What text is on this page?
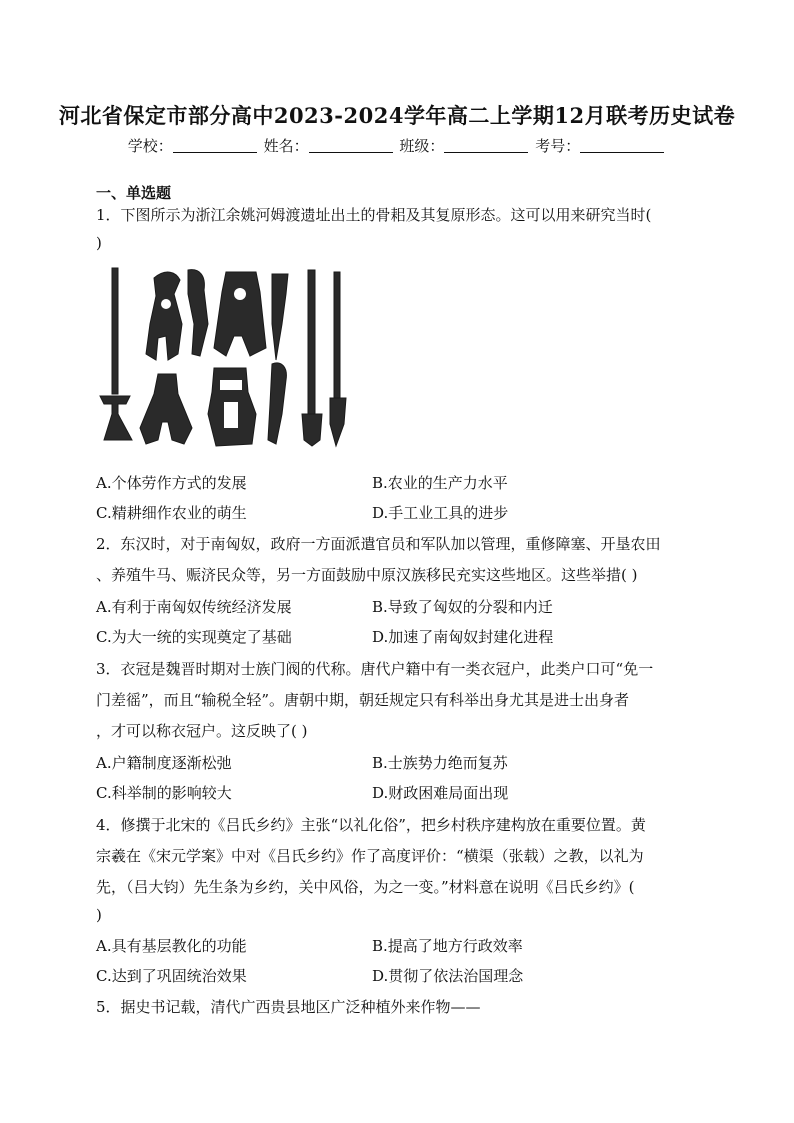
河北省保定市部分高中2023-2024学年高二上学期12月联考历史试卷
学校：	姓名：	班级：	考号：
一、单选题
1．下图所示为浙江余姚河姆渡遗址出土的骨耜及其复原形态。这可以用来研究当时(
)
A.个体劳作方式的发展	B.农业的生产力水平
C.精耕细作农业的萌生	D.手工业工具的进步
2．东汉时，对于南匈奴，政府一方面派遣官员和军队加以管理，重修障塞、开垦农田
、养殖牛马、赈济民众等，另一方面鼓励中原汉族移民充实这些地区。这些举措( )
A.有利于南匈奴传统经济发展	B.导致了匈奴的分裂和内迁
C.为大一统的实现奠定了基础	D.加速了南匈奴封建化进程
3．衣冠是魏晋时期对士族门阀的代称。唐代户籍中有一类衣冠户，此类户口可“免一
门差徭”，而且“输税全轻”。唐朝中期，朝廷规定只有科举出身尤其是进士出身者
，才可以称衣冠户。这反映了( )
A.户籍制度逐渐松弛	B.士族势力绝而复苏
C.科举制的影响较大	D.财政困难局面出现
4．修撰于北宋的《吕氏乡约》主张“以礼化俗”，把乡村秩序建构放在重要位置。黄
宗羲在《宋元学案》中对《吕氏乡约》作了高度评价：“横渠（张载）之教，以礼为
先，（吕大钧）先生条为乡约，关中风俗，为之一变。”材料意在说明《吕氏乡约》(
)
A.具有基层教化的功能	B.提高了地方行政效率
C.达到了巩固统治效果	D.贯彻了依法治国理念
5．据史书记载，清代广西贵县地区广泛种植外来作物——
